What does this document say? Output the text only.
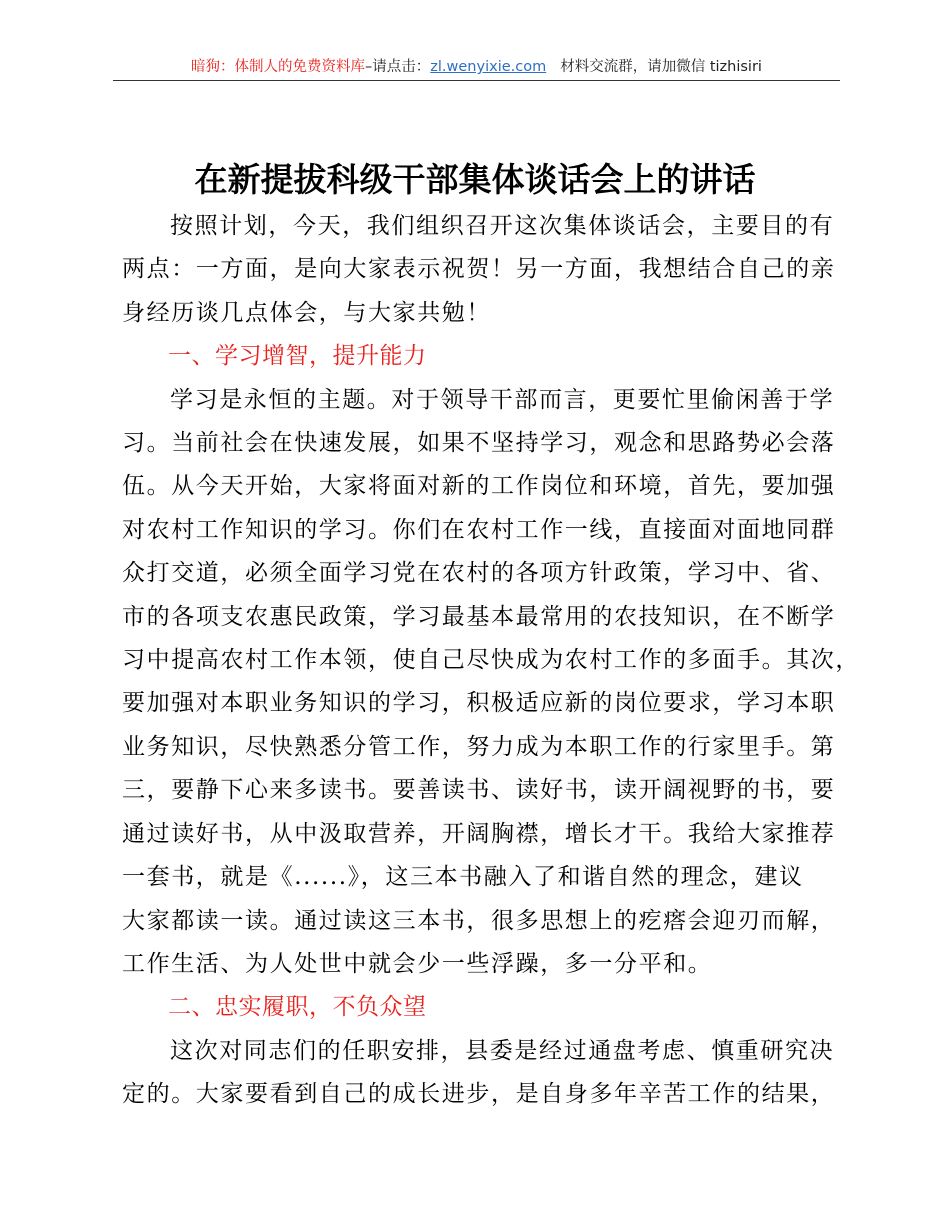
暗狗：体制人的免费资料库–请点击：zl.wenyixie.com 材料交流群，请加微信 tizhisiri
在新提拔科级干部集体谈话会上的讲话
按照计划，今天，我们组织召开这次集体谈话会，主要目的有
两点：一方面，是向大家表示祝贺！另一方面，我想结合自己的亲
身经历谈几点体会，与大家共勉！
一、学习增智，提升能力
学习是永恒的主题。对于领导干部而言，更要忙里偷闲善于学
习。当前社会在快速发展，如果不坚持学习，观念和思路势必会落
伍。从今天开始，大家将面对新的工作岗位和环境，首先，要加强
对农村工作知识的学习。你们在农村工作一线，直接面对面地同群
众打交道，必须全面学习党在农村的各项方针政策，学习中、省、
市的各项支农惠民政策，学习最基本最常用的农技知识，在不断学
习中提高农村工作本领，使自己尽快成为农村工作的多面手。其次，
要加强对本职业务知识的学习，积极适应新的岗位要求，学习本职
业务知识，尽快熟悉分管工作，努力成为本职工作的行家里手。第
三，要静下心来多读书。要善读书、读好书，读开阔视野的书，要
通过读好书，从中汲取营养，开阔胸襟，增长才干。我给大家推荐
一套书，就是《......》，这三本书融入了和谐自然的理念，建议
大家都读一读。通过读这三本书，很多思想上的疙瘩会迎刃而解，
工作生活、为人处世中就会少一些浮躁，多一分平和。
二、忠实履职，不负众望
这次对同志们的任职安排，县委是经过通盘考虑、慎重研究决
定的。大家要看到自己的成长进步，是自身多年辛苦工作的结果，
